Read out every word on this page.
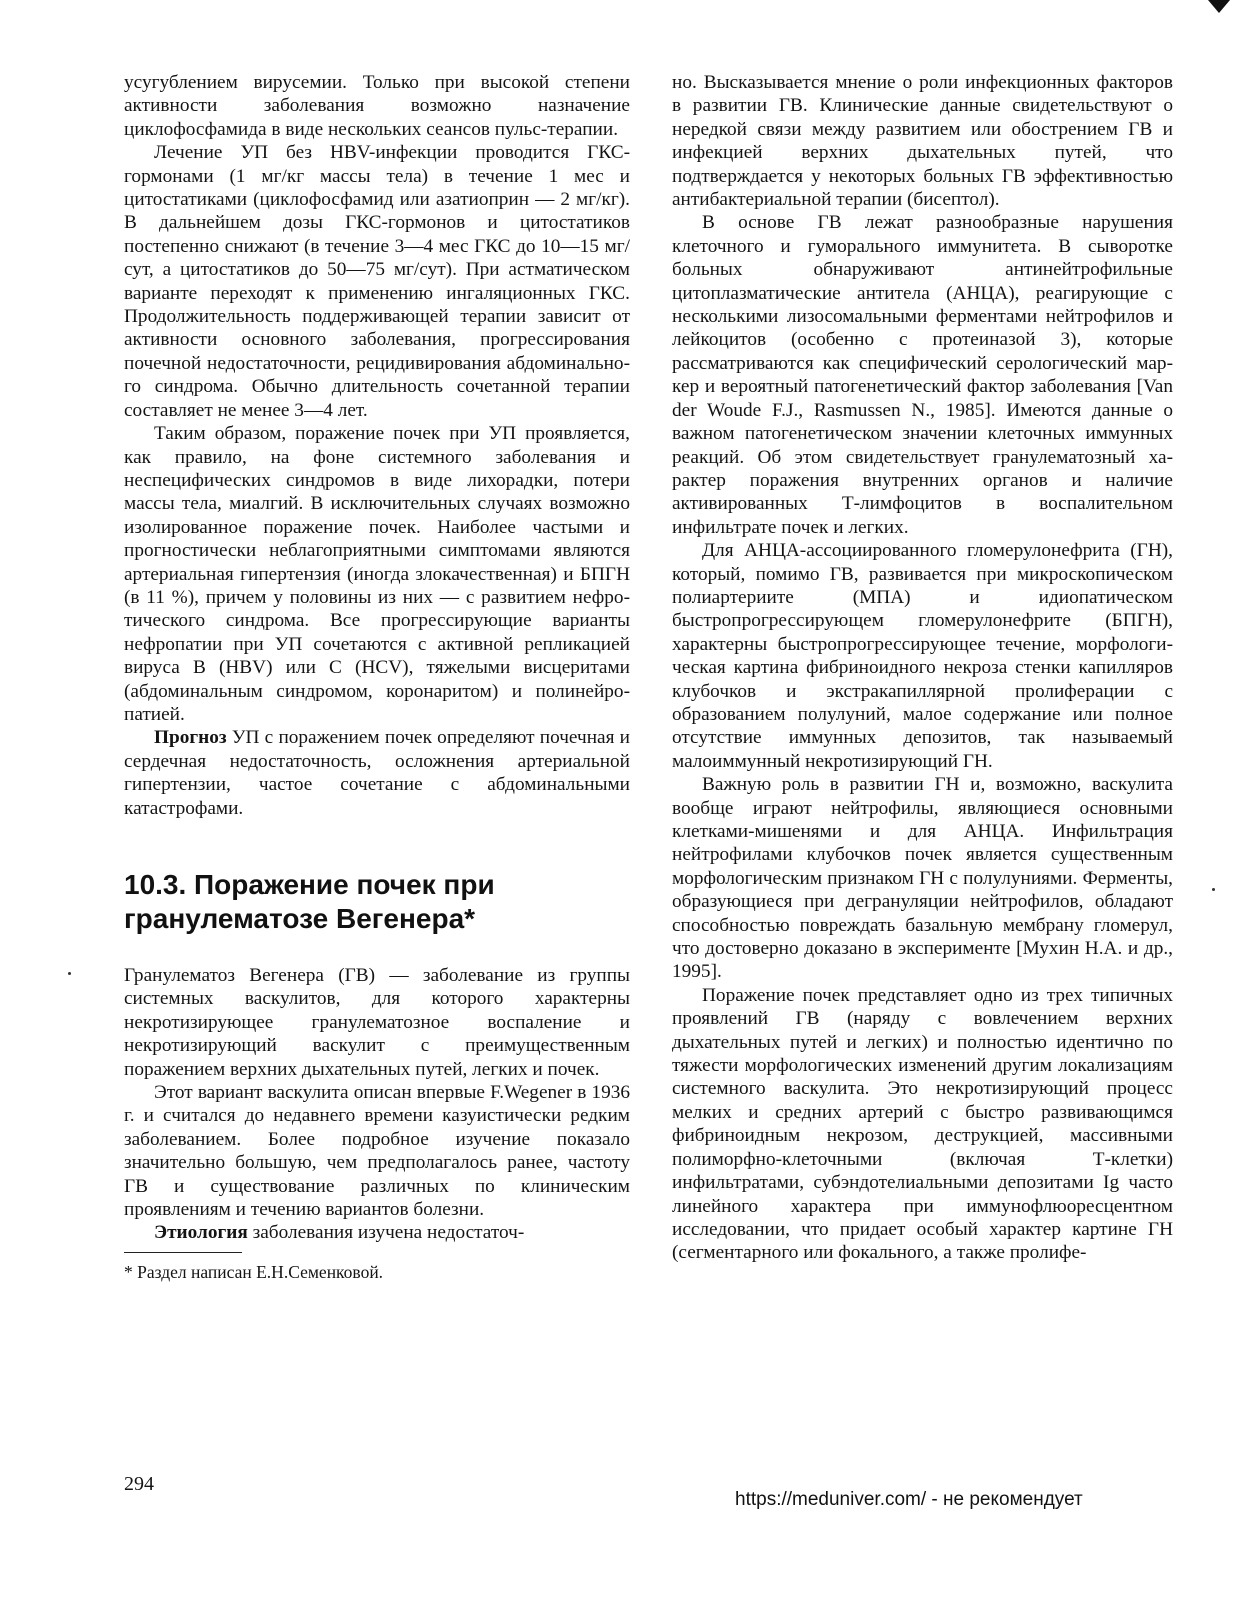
усугублением вирусемии. Только при высокой степени активности заболевания возможно назначение циклофосфамида в виде нескольких сеансов пульс-терапии.

Лечение УП без HBV-инфекции проводится ГКС-гормонами (1 мг/кг массы тела) в течение 1 мес и цитостатиками (циклофосфамид или азатиоприн — 2 мг/кг). В дальнейшем дозы ГКС-гормонов и цитостатиков постепенно снижают (в течение 3—4 мес ГКС до 10—15 мг/сут, а цитостатиков до 50—75 мг/сут). При астматическом варианте переходят к применению ингаляционных ГКС. Продолжительность поддерживающей терапии зависит от активности основного заболевания, прогрессирования почечной недостаточности, рецидивирования абдоминального синдрома. Обычно длительность сочетанной терапии составляет не менее 3—4 лет.

Таким образом, поражение почек при УП проявляется, как правило, на фоне системного заболевания и неспецифических синдромов в виде лихорадки, потери массы тела, миалгий. В исключительных случаях возможно изолированное поражение почек. Наиболее частыми и прогностически неблагоприятными симптомами являются артериальная гипертензия (иногда злокачественная) и БПГН (в 11 %), причем у половины из них — с развитием нефротического синдрома. Все прогрессирующие варианты нефропатии при УП сочетаются с активной репликацией вируса В (HBV) или С (HCV), тяжелыми висцеритами (абдоминальным синдромом, коронаритом) и полинейропатией.

Прогноз УП с поражением почек определяют почечная и сердечная недостаточность, осложнения артериальной гипертензии, частое сочетание с абдоминальными катастрофами.

10.3. Поражение почек при
гранулематозе Вегенера*

Гранулематоз Вегенера (ГВ) — заболевание из группы системных васкулитов, для которого характерны некротизирующее гранулематозное воспаление и некротизирующий васкулит с преимущественным поражением верхних дыхательных путей, легких и почек.

Этот вариант васкулита описан впервые F.Wegener в 1936 г. и считался до недавнего времени казуистически редким заболеванием. Более подробное изучение показало значительно большую, чем предполагалось ранее, частоту ГВ и существование различных по клиническим проявлениям и течению вариантов болезни.

Этиология заболевания изучена недостаточ-

* Раздел написан Е.Н.Семенковой.

но. Высказывается мнение о роли инфекционных факторов в развитии ГВ. Клинические данные свидетельствуют о нередкой связи между развитием или обострением ГВ и инфекцией верхних дыхательных путей, что подтверждается у некоторых больных ГВ эффективностью антибактериальной терапии (бисептол).

В основе ГВ лежат разнообразные нарушения клеточного и гуморального иммунитета. В сыворотке больных обнаруживают антинейтрофильные цитоплазматические антитела (АНЦА), реагирующие с несколькими лизосомальными ферментами нейтрофилов и лейкоцитов (особенно с протеиназой 3), которые рассматриваются как специфический серологический маркер и вероятный патогенетический фактор заболевания [Van der Woude F.J., Rasmussen N., 1985]. Имеются данные о важном патогенетическом значении клеточных иммунных реакций. Об этом свидетельствует гранулематозный характер поражения внутренних органов и наличие активированных Т-лимфоцитов в воспалительном инфильтрате почек и легких.

Для АНЦА-ассоциированного гломерулонефрита (ГН), который, помимо ГВ, развивается при микроскопическом полиартериите (МПА) и идиопатическом быстропрогрессирующем гломерулонефрите (БПГН), характерны быстропрогрессирующее течение, морфологическая картина фибриноидного некроза стенки капилляров клубочков и экстракапиллярной пролиферации с образованием полулуний, малое содержание или полное отсутствие иммунных депозитов, так называемый малоиммунный некротизирующий ГН.

Важную роль в развитии ГН и, возможно, васкулита вообще играют нейтрофилы, являющиеся основными клетками-мишенями и для АНЦА. Инфильтрация нейтрофилами клубочков почек является существенным морфологическим признаком ГН с полулуниями. Ферменты, образующиеся при дегрануляции нейтрофилов, обладают способностью повреждать базальную мембрану гломерул, что достоверно доказано в эксперименте [Мухин Н.А. и др., 1995].

Поражение почек представляет одно из трех типичных проявлений ГВ (наряду с вовлечением верхних дыхательных путей и легких) и полностью идентично по тяжести морфологических изменений другим локализациям системного васкулита. Это некротизирующий процесс мелких и средних артерий с быстро развивающимся фибриноидным некрозом, деструкцией, массивными полиморфно-клеточными (включая Т-клетки) инфильтратами, субэндотелиальными депозитами Ig часто линейного характера при иммунофлюоресцентном исследовании, что придает особый характер картине ГН (сегментарного или фокального, а также пролифе-

294
https://meduniver.com/ - не рекомендует
